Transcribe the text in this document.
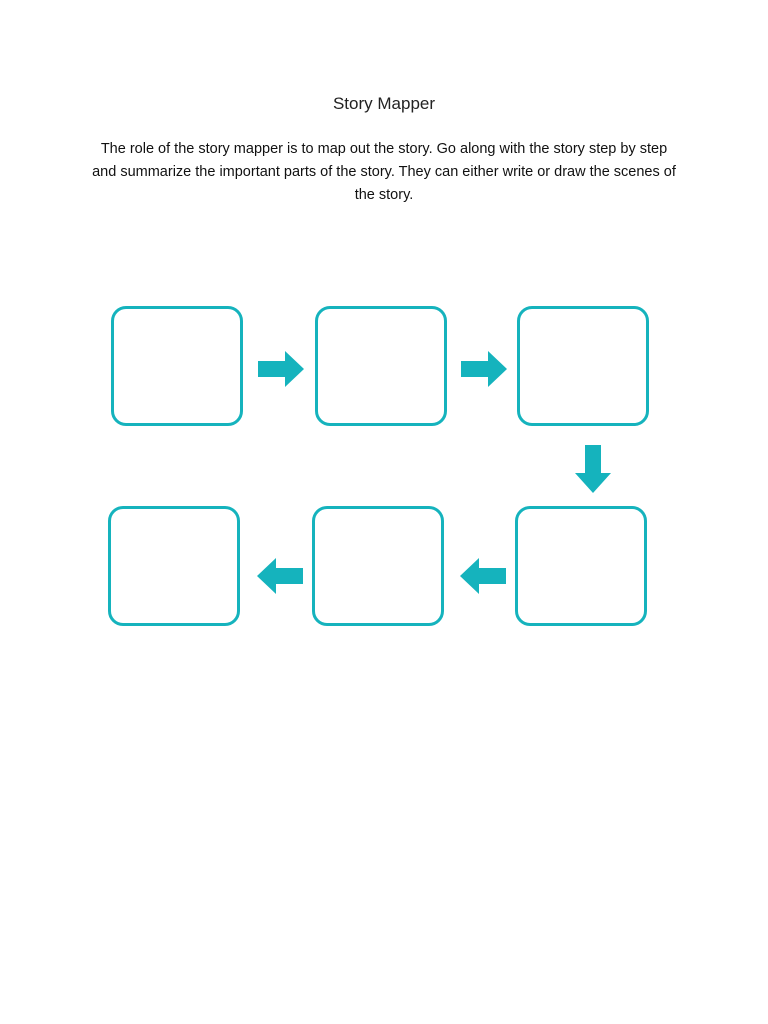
Story Mapper
The role of the story mapper is to map out the story. Go along with the story step by step and summarize the important parts of the story. They can either write or draw the scenes of the story.
